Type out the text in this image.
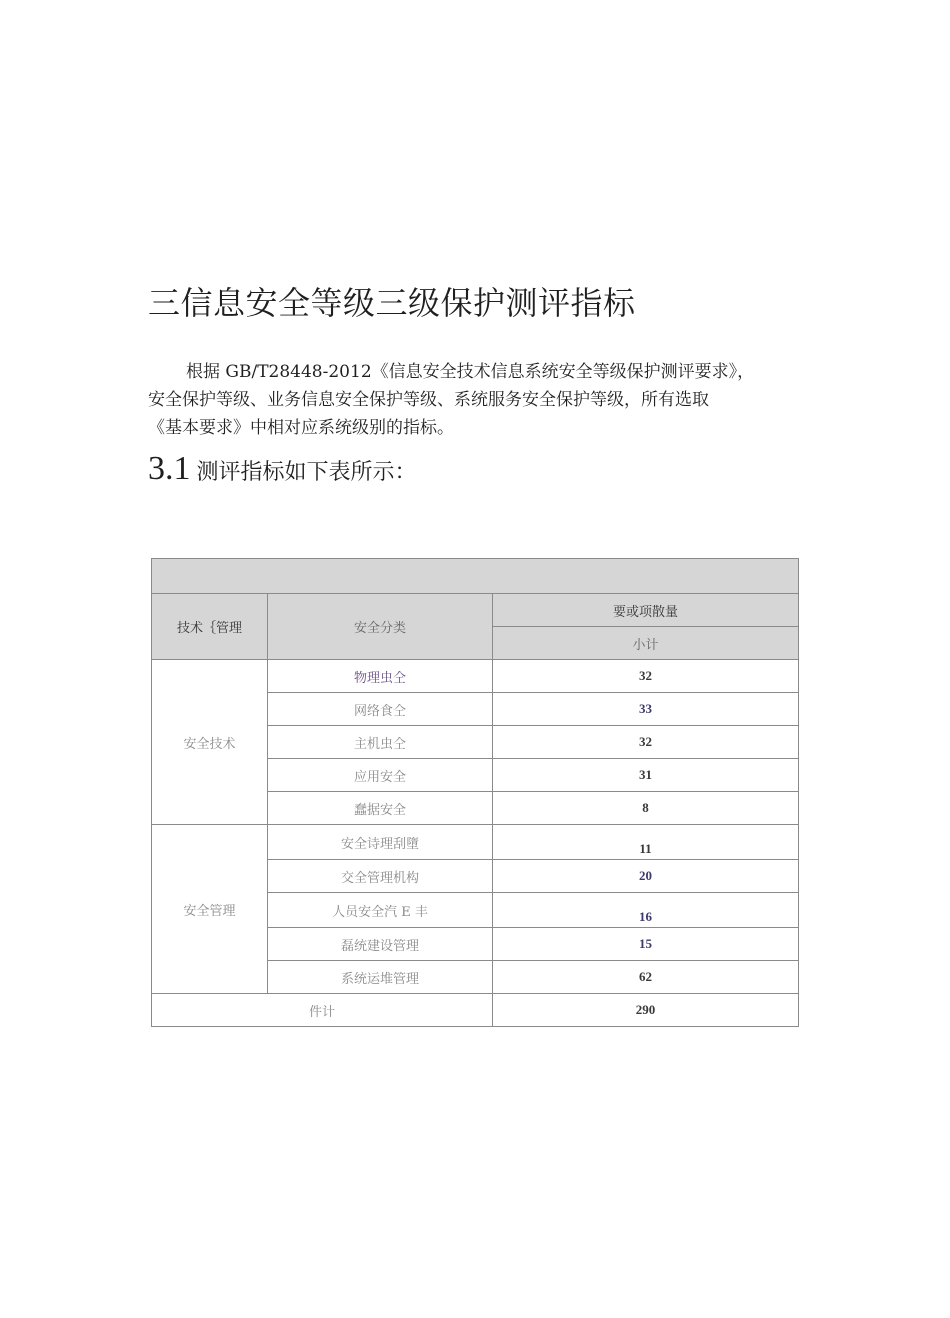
三信息安全等级三级保护测评指标

根据 GB/T28448-2012《信息安全技术信息系统安全等级保护测评要求》，

安全保护等级、业务信息安全保护等级、系统服务安全保护等级，所有选取

《基本要求》中相对应系统级别的指标。

3.1 测评指标如下表所示：

技术｛管理	安全分类	要或项散量
		小计
安全技术	物理虫仝	32
	网络食仝	33
	主机虫仝	32
	应用安全	31
	蠢据安全	8
安全管理	安全诗理刮墮	11
	交全管理机构	20
	人员安全汽 E 丰	16
	磊统建设管理	15
	系统运堆管理	62
件计		290
